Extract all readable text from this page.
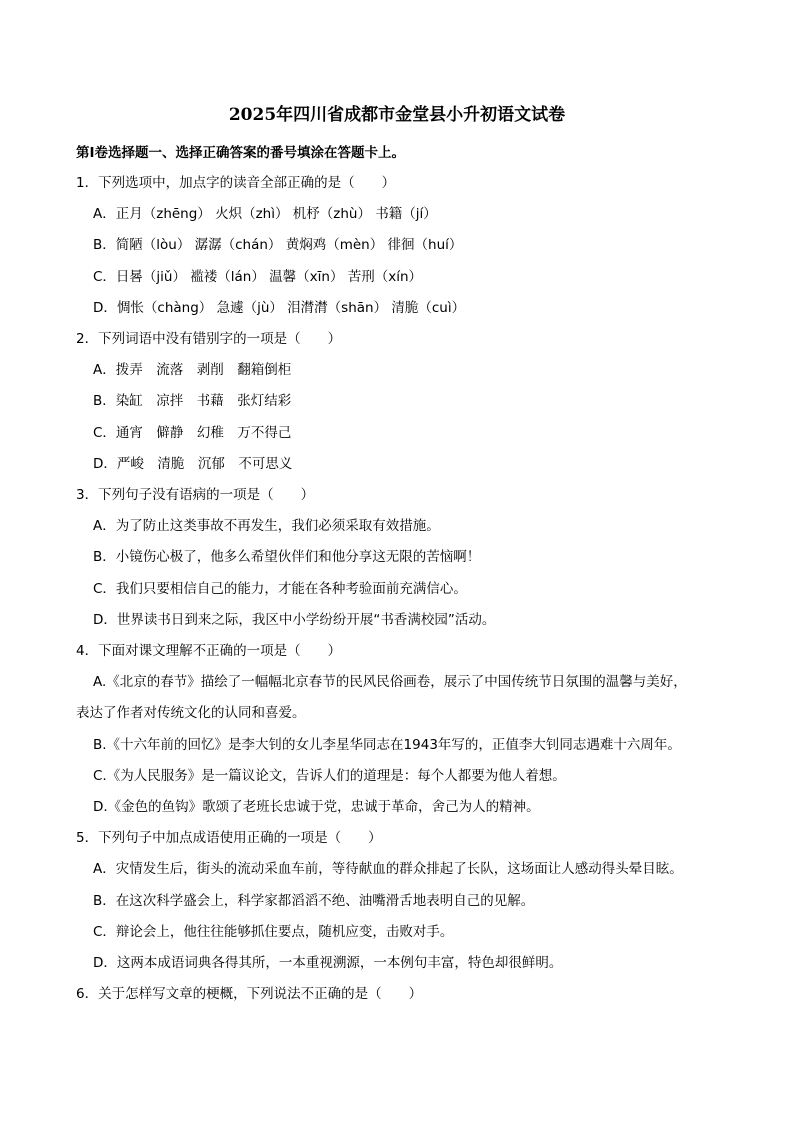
2025年四川省成都市金堂县小升初语文试卷
第I卷选择题一、选择正确答案的番号填涂在答题卡上。
1．下列选项中，加点字的读音全部正确的是（　　）
A．正月（zhēng） 火炽（zhì） 机杼（zhù） 书籍（jí）
B．简陋（lòu） 潺潺（chán） 黄焖鸡（mèn） 徘徊（huí）
C．日晷（jiǔ） 褴褛（lán） 温馨（xīn） 苦刑（xín）
D．惆怅（chàng） 急遽（jù） 泪潸潸（shān） 清脆（cuì）
2．下列词语中没有错别字的一项是（　　）
A．拨弄　流落　剥削　翻箱倒柜
B．染缸　凉拌　书藉　张灯结彩
C．通宵　僻静　幻稚　万不得己
D．严峻　清脆　沉郁　不可思义
3．下列句子没有语病的一项是（　　）
A．为了防止这类事故不再发生，我们必须采取有效措施。
B．小镜伤心极了，他多么希望伙伴们和他分享这无限的苦恼啊！
C．我们只要相信自己的能力，才能在各种考验面前充满信心。
D．世界读书日到来之际，我区中小学纷纷开展“书香满校园”活动。
4．下面对课文理解不正确的一项是（　　）
A.《北京的春节》描绘了一幅幅北京春节的民风民俗画卷，展示了中国传统节日氛围的温馨与美好，
表达了作者对传统文化的认同和喜爱。
B.《十六年前的回忆》是李大钊的女儿李星华同志在1943年写的，正值李大钊同志遇难十六周年。
C.《为人民服务》是一篇议论文，告诉人们的道理是：每个人都要为他人着想。
D.《金色的鱼钩》歌颂了老班长忠诚于党，忠诚于革命，舍己为人的精神。
5．下列句子中加点成语使用正确的一项是（　　）
A．灾情发生后，街头的流动采血车前，等待献血的群众排起了长队，这场面让人感动得头晕目眩。
B．在这次科学盛会上，科学家都滔滔不绝、油嘴滑舌地表明自己的见解。
C．辩论会上，他往往能够抓住要点，随机应变，击败对手。
D．这两本成语词典各得其所，一本重视溯源，一本例句丰富，特色却很鲜明。
6．关于怎样写文章的梗概，下列说法不正确的是（　　）
